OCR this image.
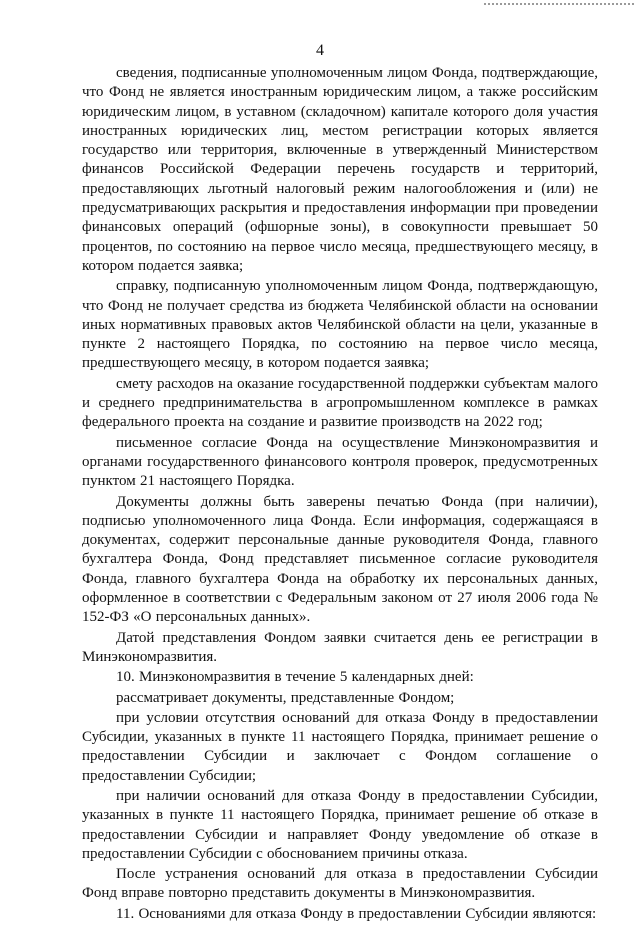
4

сведения, подписанные уполномоченным лицом Фонда, подтверждающие, что Фонд не является иностранным юридическим лицом, а также российским юридическим лицом, в уставном (складочном) капитале которого доля участия иностранных юридических лиц, местом регистрации которых является государство или территория, включенные в утвержденный Министерством финансов Российской Федерации перечень государств и территорий, предоставляющих льготный налоговый режим налогообложения и (или) не предусматривающих раскрытия и предоставления информации при проведении финансовых операций (офшорные зоны), в совокупности превышает 50 процентов, по состоянию на первое число месяца, предшествующего месяцу, в котором подается заявка;

справку, подписанную уполномоченным лицом Фонда, подтверждающую, что Фонд не получает средства из бюджета Челябинской области на основании иных нормативных правовых актов Челябинской области на цели, указанные в пункте 2 настоящего Порядка, по состоянию на первое число месяца, предшествующего месяцу, в котором подается заявка;

смету расходов на оказание государственной поддержки субъектам малого и среднего предпринимательства в агропромышленном комплексе в рамках федерального проекта на создание и развитие производств на 2022 год;

письменное согласие Фонда на осуществление Минэкономразвития и органами государственного финансового контроля проверок, предусмотренных пунктом 21 настоящего Порядка.

Документы должны быть заверены печатью Фонда (при наличии), подписью уполномоченного лица Фонда. Если информация, содержащаяся в документах, содержит персональные данные руководителя Фонда, главного бухгалтера Фонда, Фонд представляет письменное согласие руководителя Фонда, главного бухгалтера Фонда на обработку их персональных данных, оформленное в соответствии с Федеральным законом от 27 июля 2006 года № 152-ФЗ «О персональных данных».

Датой представления Фондом заявки считается день ее регистрации в Минэкономразвития.

10. Минэкономразвития в течение 5 календарных дней:

рассматривает документы, представленные Фондом;

при условии отсутствия оснований для отказа Фонду в предоставлении Субсидии, указанных в пункте 11 настоящего Порядка, принимает решение о предоставлении Субсидии и заключает с Фондом соглашение о предоставлении Субсидии;

при наличии оснований для отказа Фонду в предоставлении Субсидии, указанных в пункте 11 настоящего Порядка, принимает решение об отказе в предоставлении Субсидии и направляет Фонду уведомление об отказе в предоставлении Субсидии с обоснованием причины отказа.

После устранения оснований для отказа в предоставлении Субсидии Фонд вправе повторно представить документы в Минэкономразвития.

11. Основаниями для отказа Фонду в предоставлении Субсидии являются:
